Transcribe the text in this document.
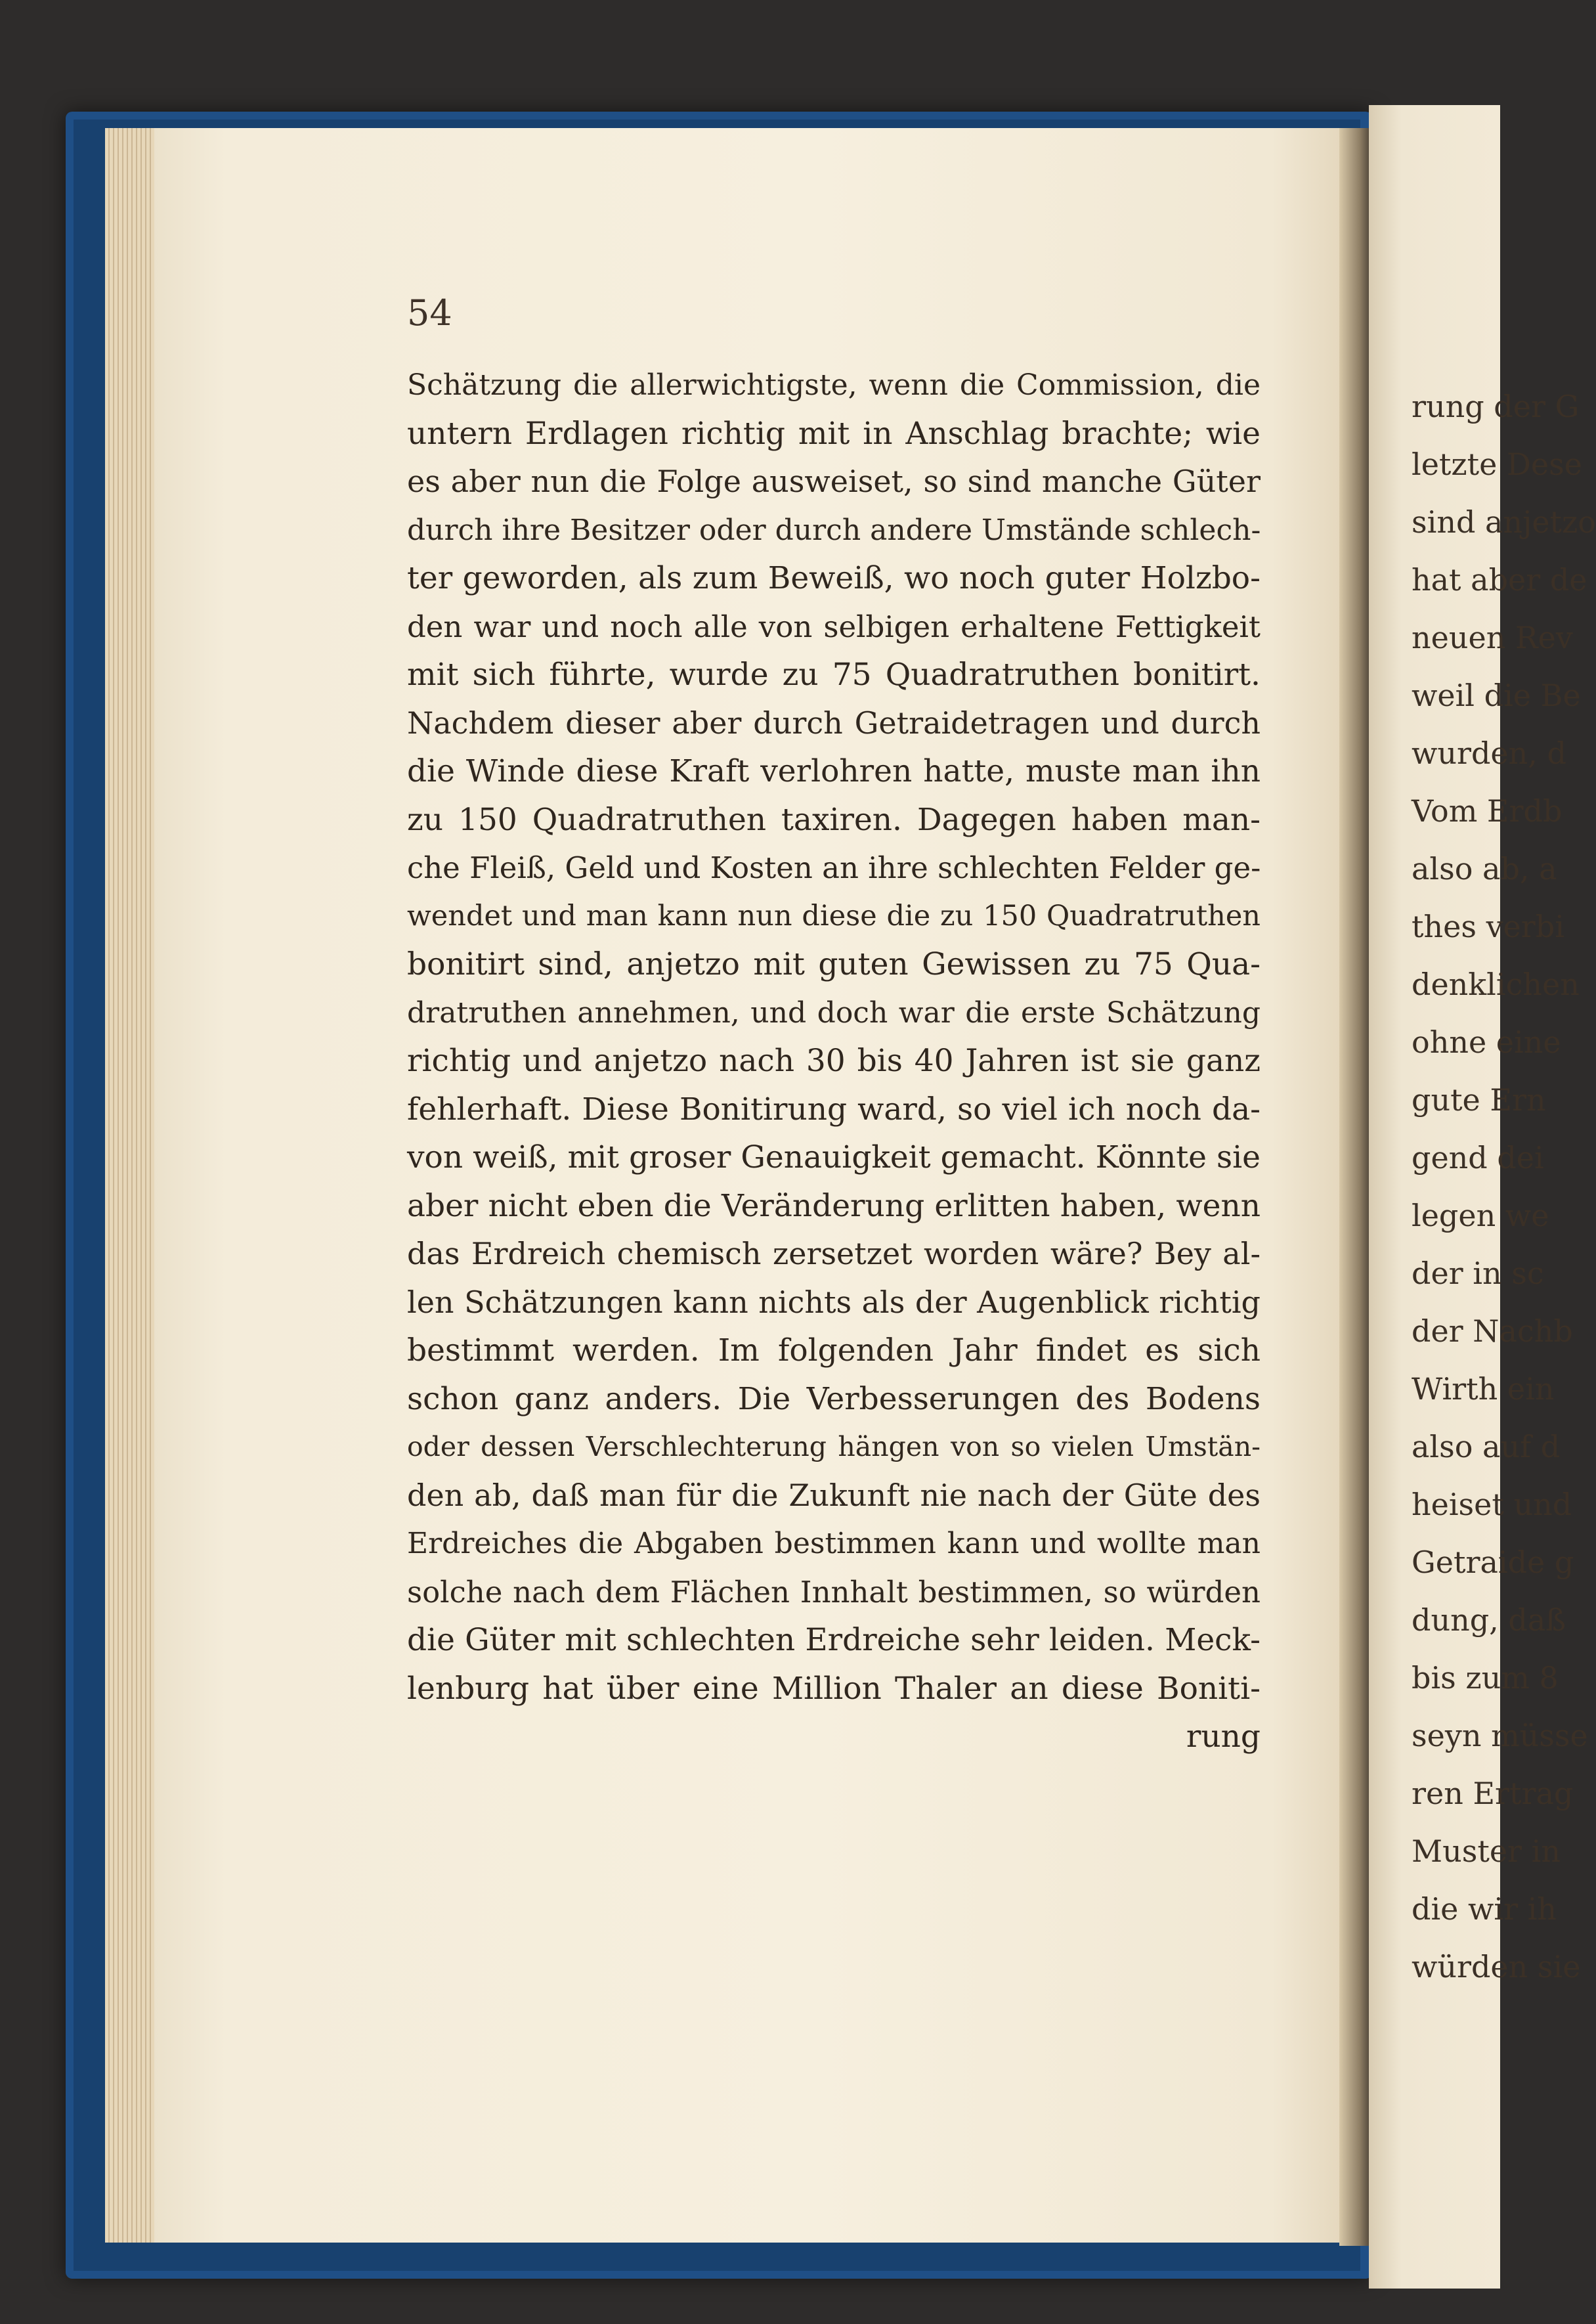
rung der G
letzte Dese
sind anjetzo
hat aber de
neuen Rev
weil die Be
wurden, d
Vom Erdb
also ab, a
thes verbi
denklichen
ohne eine
gute Ern
gend dei
legen we
der in sc
der Nachb
Wirth ein
also auf d
heiset und
Getraide g
dung, daß
bis zum 8
seyn müsse
ren Ertrag
Muster in
die wir ih
würden sie
54
Schätzung die allerwichtigste, wenn die Commission, die
untern Erdlagen richtig mit in Anschlag brachte; wie
es aber nun die Folge ausweiset, so sind manche Güter
durch ihre Besitzer oder durch andere Umstände schlech-
ter geworden, als zum Beweiß, wo noch guter Holzbo-
den war und noch alle von selbigen erhaltene Fettigkeit
mit sich führte, wurde zu 75 Quadratruthen bonitirt.
Nachdem dieser aber durch Getraidetragen und durch
die Winde diese Kraft verlohren hatte, muste man ihn
zu 150 Quadratruthen taxiren. Dagegen haben man-
che Fleiß, Geld und Kosten an ihre schlechten Felder ge-
wendet und man kann nun diese die zu 150 Quadratruthen
bonitirt sind, anjetzo mit guten Gewissen zu 75 Qua-
dratruthen annehmen, und doch war die erste Schätzung
richtig und anjetzo nach 30 bis 40 Jahren ist sie ganz
fehlerhaft. Diese Bonitirung ward, so viel ich noch da-
von weiß, mit groser Genauigkeit gemacht. Könnte sie
aber nicht eben die Veränderung erlitten haben, wenn
das Erdreich chemisch zersetzet worden wäre? Bey al-
len Schätzungen kann nichts als der Augenblick richtig
bestimmt werden. Im folgenden Jahr findet es sich
schon ganz anders. Die Verbesserungen des Bodens
oder dessen Verschlechterung hängen von so vielen Umstän-
den ab, daß man für die Zukunft nie nach der Güte des
Erdreiches die Abgaben bestimmen kann und wollte man
solche nach dem Flächen Innhalt bestimmen, so würden
die Güter mit schlechten Erdreiche sehr leiden. Meck-
lenburg hat über eine Million Thaler an diese Boniti-
rung
